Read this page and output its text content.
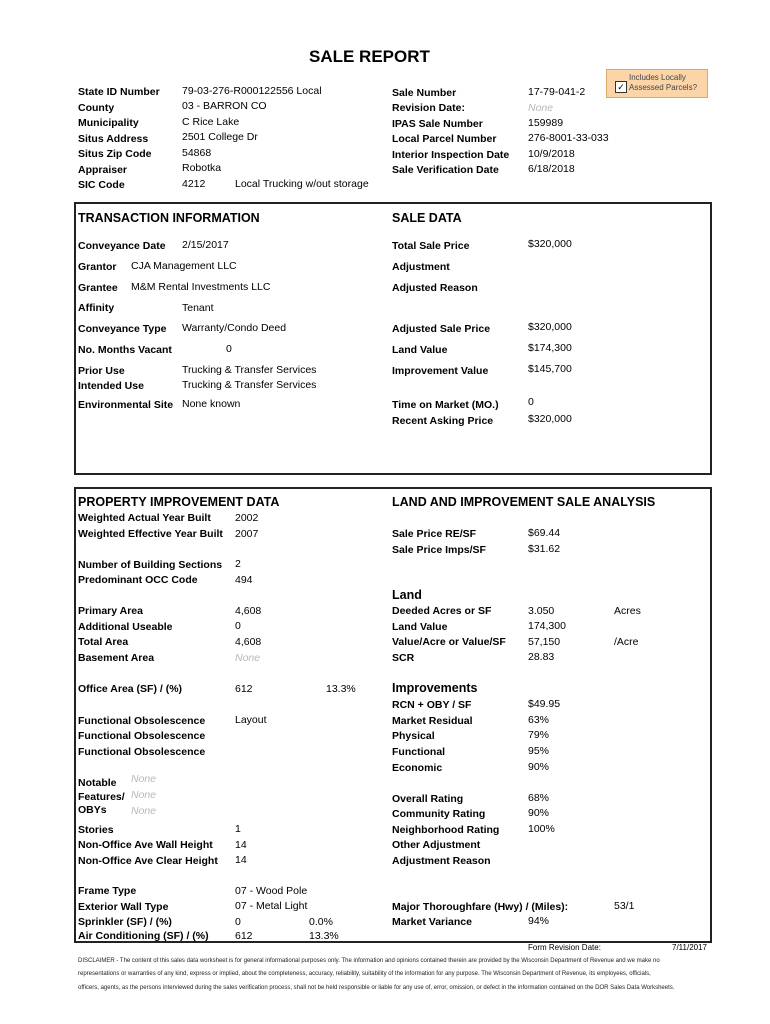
SALE REPORT
✓
Includes Locally Assessed Parcels?
State ID Number 79-03-276-R000122556 Local
County	03 - BARRON CO
Municipality	C Rice Lake
Situs Address	2501 College Dr
Situs Zip Code	54868
Appraiser	Robotka
SIC Code	4212	Local Trucking w/out storage
Sale Number	17-79-041-2
Revision Date:	None
IPAS Sale Number	159989
Local Parcel Number	276-8001-33-033
Interior Inspection Date 10/9/2018
Sale Verification Date	6/18/2018
TRANSACTION INFORMATION	SALE DATA
Conveyance Date 2/15/2017
Grantor CJA Management LLC
Grantee M&M Rental Investments LLC
Affinity	Tenant
Conveyance Type Warranty/Condo Deed
No. Months Vacant	0
Prior Use	Trucking & Transfer Services
Intended Use	Trucking & Transfer Services
Environmental Site None known
Total Sale Price	$320,000
Adjustment
Adjusted Reason
Adjusted Sale Price	$320,000
Land Value	$174,300
Improvement Value	$145,700
Time on Market (MO.)	0
Recent Asking Price	$320,000
PROPERTY IMPROVEMENT DATA	LAND AND IMPROVEMENT SALE ANALYSIS
Weighted Actual Year Built 2002
Weighted Effective Year Built 2007
Number of Building Sections 2
Predominant OCC Code	494
Primary Area	4,608
Additional Useable	0
Total Area	4,608
Basement Area	None
Office Area (SF) / (%)	612	13.3%
Functional Obsolescence	Layout
Functional Obsolescence
Functional Obsolescence
Notable None
Features/ None
OBYs None
Stories	1
Non-Office Ave Wall Height 14
Non-Office Ave Clear Height 14
Frame Type	07 - Wood Pole
Exterior Wall Type	07 - Metal Light
Sprinkler (SF) / (%)	0	0.0%
Air Conditioning (SF) / (%)	612	13.3%
Sale Price RE/SF	$69.44
Sale Price Imps/SF	$31.62
Land
Deeded Acres or SF	3.050	Acres
Land Value	174,300
Value/Acre or Value/SF 57,150	/Acre
SCR	28.83
Improvements
RCN + OBY / SF	$49.95
Market Residual	63%
Physical	79%
Functional	95%
Economic	90%
Overall Rating	68%
Community Rating	90%
Neighborhood Rating	100%
Other Adjustment
Adjustment Reason
Major Thoroughfare (Hwy) / (Miles):	53/1
Market Variance	94%
Form Revision Date:	7/11/2017
DISCLAIMER - The content of this sales data worksheet is for general informational purposes only. The information and opinions contained therein are provided by the Wisconsin Department of Revenue and we make no
representations or warranties of any kind, express or implied, about the completeness, accuracy, reliability, suitability of the information for any purpose. The Wisconsin Department of Revenue, its employees, officials,
officers, agents, as the persons interviewed during the sales verification process, shall not be held responsible or liable for any use of, error, omission, or defect in the information contained on the DOR Sales Data Worksheets.
